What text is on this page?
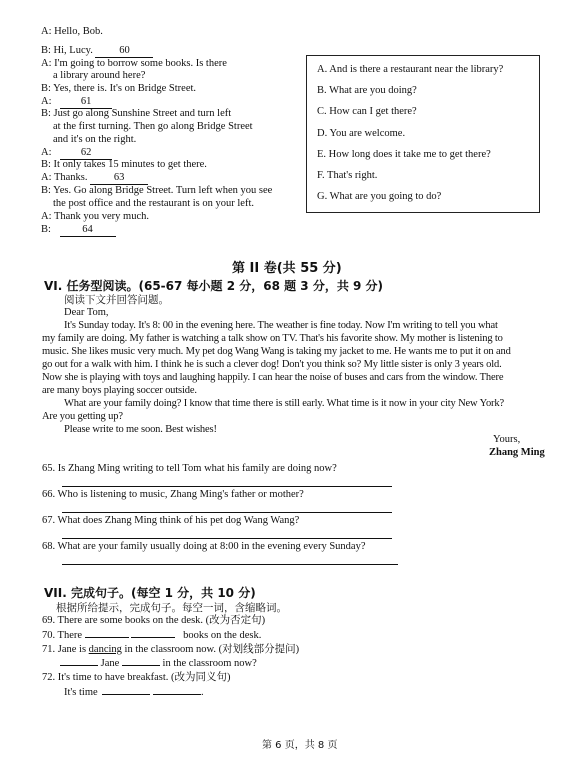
A: Hello, Bob.
B: Hi, Lucy.	60
A: I'm going to borrow some books. Is there
a library around here?
B: Yes, there is. It's on Bridge Street.
A:	61
B: Just go along Sunshine Street and turn left
at the first turning. Then go along Bridge Street
and it's on the right.
A:	62
B: It only takes 15 minutes to get there.
A: Thanks.	63
B: Yes. Go along Bridge Street. Turn left when you see
the post office and the restaurant is on your left.
A: Thank you very much.
B:	64
A. And is there a restaurant near the library?
B. What are you doing?
C. How can I get there?
D. You are welcome.
E. How long does it take me to get there?
F. That's right.
G. What are you going to do?
第 II 卷(共 55 分)
VI. 任务型阅读。(65-67 每小题 2 分，68 题 3 分，共 9 分)
阅读下文并回答问题。
Dear Tom,
It's Sunday today. It's 8: 00 in the evening here. The weather is fine today. Now I'm writing to tell you what
my family are doing. My father is watching a talk show on TV. That's his favorite show. My mother is listening to
music. She likes music very much. My pet dog Wang Wang is taking my jacket to me. He wants me to put it on and
go out for a walk with him. I think he is such a clever dog! Don't you think so? My little sister is only 3 years old.
Now she is playing with toys and laughing happily. I can hear the noise of buses and cars from the window. There
are many boys playing soccer outside.
What are your family doing? I know that time there is still early. What time is it now in your city New York?
Are you getting up?
Please write to me soon. Best wishes!
Yours,
Zhang Ming
65. Is Zhang Ming writing to tell Tom what his family are doing now?
66. Who is listening to music, Zhang Ming's father or mother?
67. What does Zhang Ming think of his pet dog Wang Wang?
68. What are your family usually doing at 8:00 in the evening every Sunday?
VII. 完成句子。(每空 1 分，共 10 分)
根据所给提示，完成句子。每空一词，含缩略词。
69. There are some books on the desk. (改为否定句)
70. There	books on the desk.
71. Jane is dancing in the classroom now. (对划线部分提问)
Jane	in the classroom now?
72. It's time to have breakfast. (改为同义句)
It's time	.
第 6 页，共 8 页
